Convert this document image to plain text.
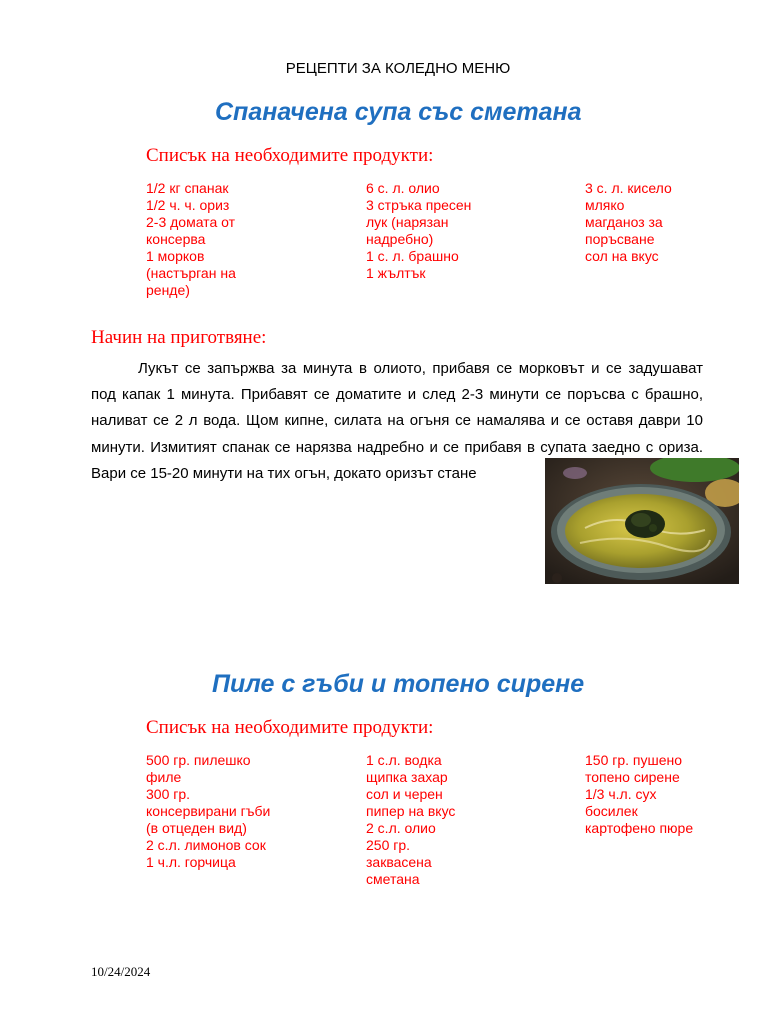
РЕЦЕПТИ ЗА КОЛЕДНО МЕНЮ
Спаначена супа със сметана
Списък на необходимите продукти:
1/2 кг спанак
1/2 ч. ч. ориз
2-3 домата от консерва
1 морков (настърган на ренде)
6 с. л. олио
3 стръка пресен лук (нарязан надребно)
1 с. л. брашно
1 жълтък
3 с. л. кисело мляко
магданоз за поръсване
сол на вкус
Начин на приготвяне:
Лукът се запържва за минута в олиото, прибавя се морковът и се задушават под капак 1 минута. Прибавят се доматите и след 2-3 минути се поръсва с брашно, наливат се 2 л вода. Щом кипне, силата на огъня се намалява и се оставя даври 10 минути. Измитият спанак се нарязва надребно и се прибавя в супата заедно с ориза. Вари се 15-20 минути на тих огън, докато оризът стане
Пиле с гъби и топено сирене
Списък на необходимите продукти:
500 гр. пилешко филе
300 гр. консервирани гъби (в отцеден вид)
2 с.л. лимонов сок
1 ч.л. горчица
1 с.л. водка
щипка захар
сол и черен пипер на вкус
2 с.л. олио
250 гр. заквасена сметана
150 гр. пушено топено сирене
1/3 ч.л. сух босилек
картофено пюре
10/24/2024
